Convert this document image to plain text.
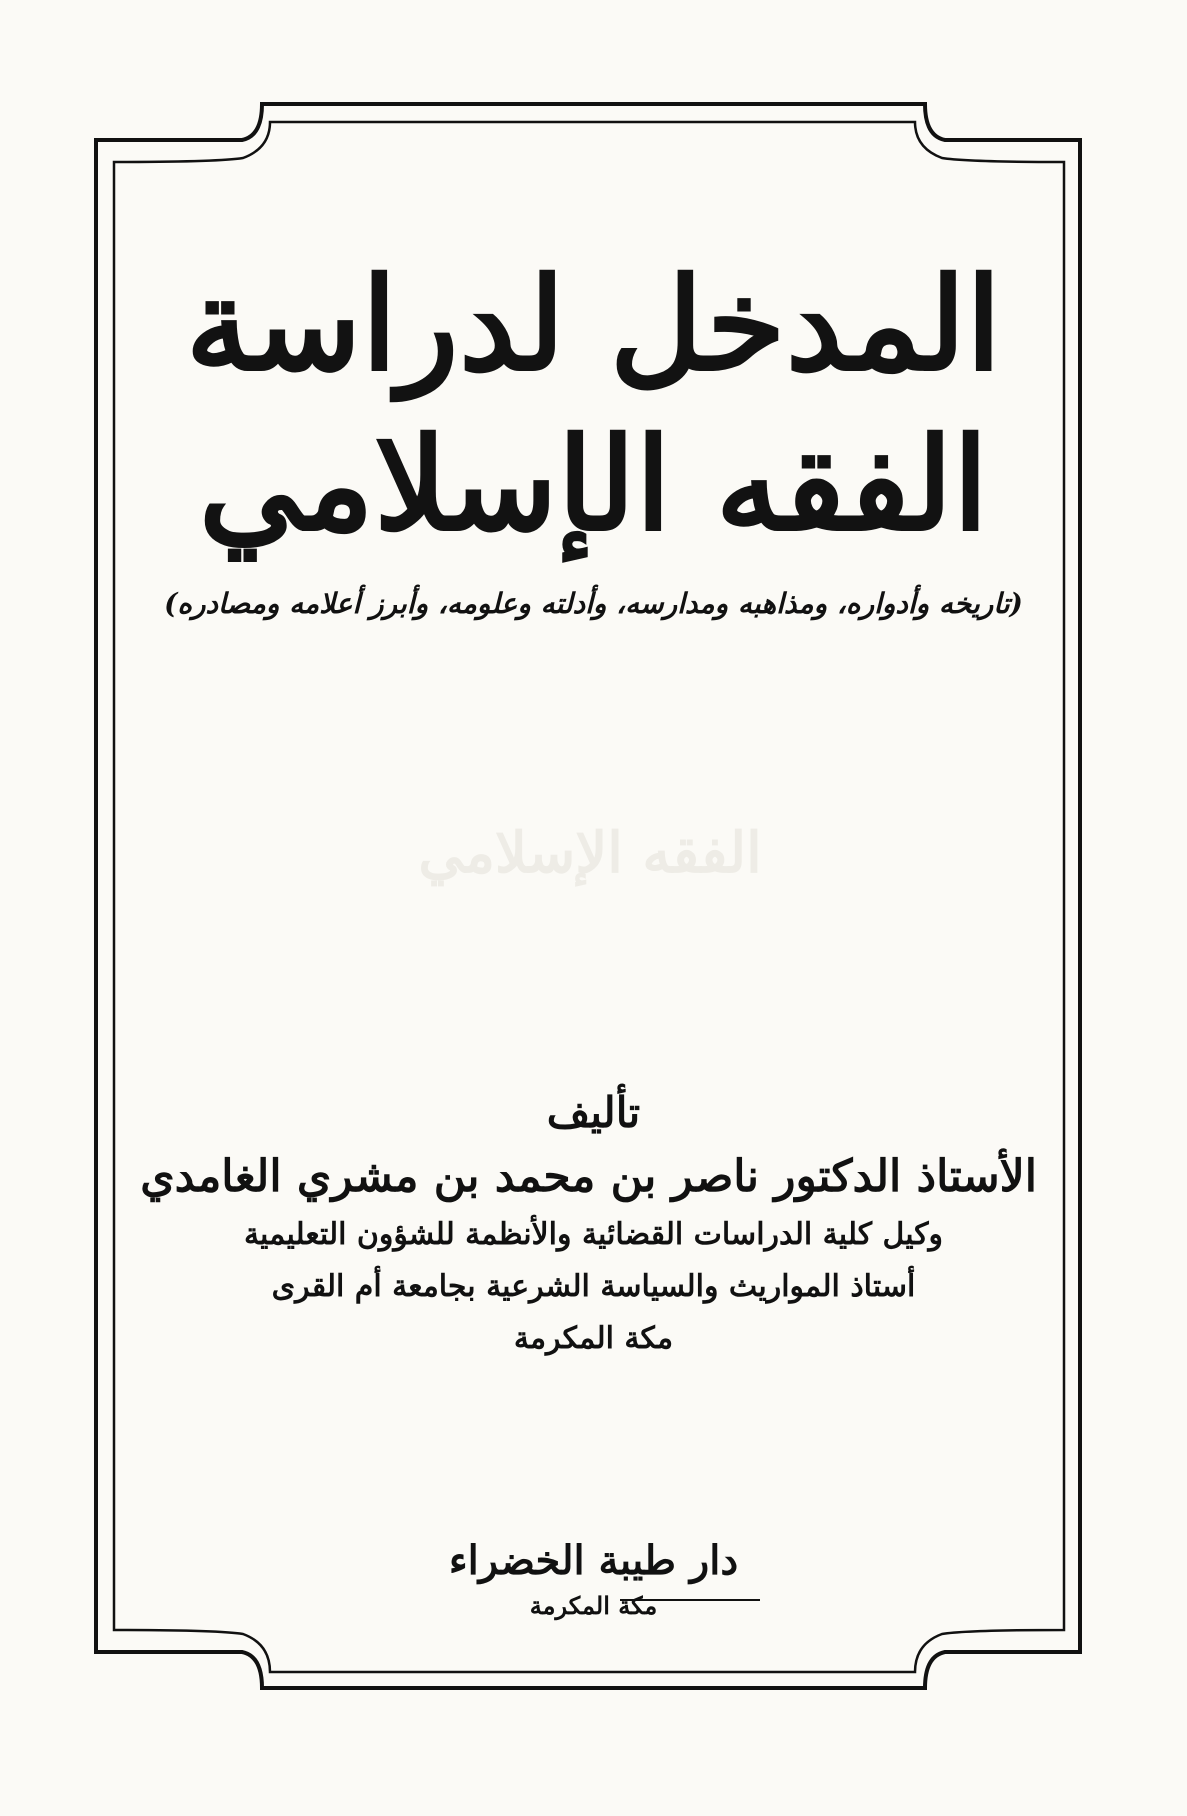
الفقه الإسلامي
المدخل لدراسة
الفقه الإسلامي
(تاريخه وأدواره، ومذاهبه ومدارسه، وأدلته وعلومه، وأبرز أعلامه ومصادره)
تأليف
الأستاذ الدكتور ناصر بن محمد بن مشري الغامدي
وكيل كلية الدراسات القضائية والأنظمة للشؤون التعليمية
أستاذ المواريث والسياسة الشرعية بجامعة أم القرى
مكة المكرمة
دار طيبة الخضراء
مكة المكرمة
